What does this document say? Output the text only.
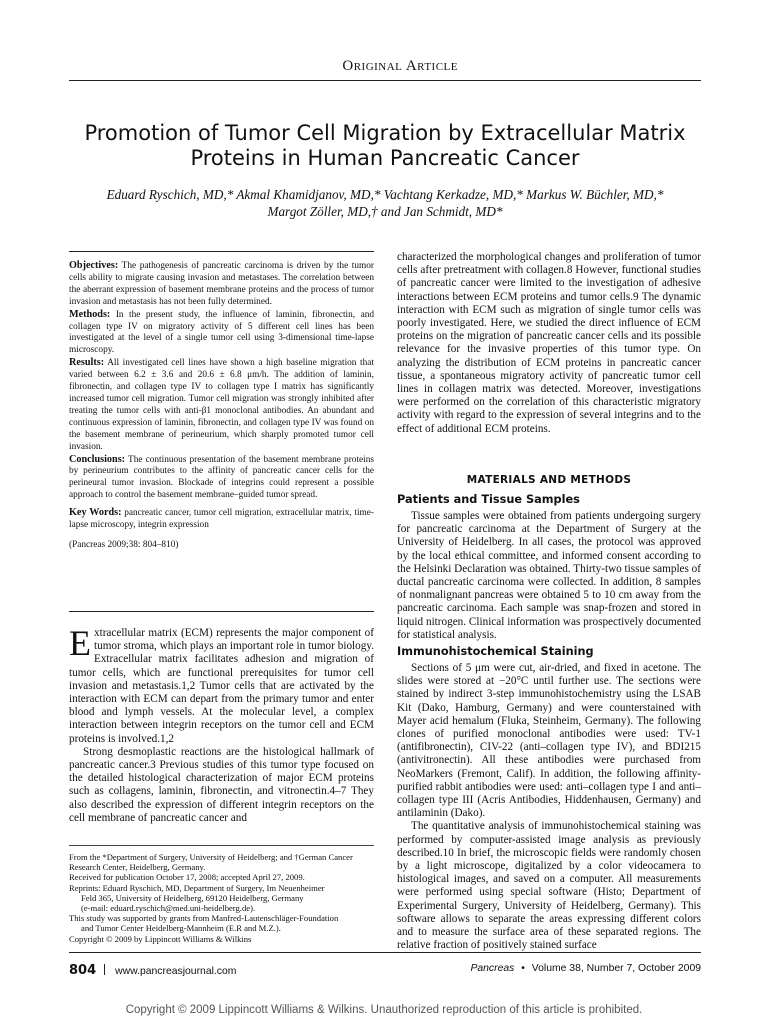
Original Article
Promotion of Tumor Cell Migration by Extracellular Matrix
Proteins in Human Pancreatic Cancer
Eduard Ryschich, MD,* Akmal Khamidjanov, MD,* Vachtang Kerkadze, MD,* Markus W. Büchler, MD,*
Margot Zöller, MD,† and Jan Schmidt, MD*

Objectives: The pathogenesis of pancreatic carcinoma is driven by the tumor cells ability to migrate causing invasion and metastases. The correlation between the aberrant expression of basement membrane proteins and the process of tumor invasion and metastasis has not been fully determined.

Methods: In the present study, the influence of laminin, fibronectin, and collagen type IV on migratory activity of 5 different cell lines has been investigated at the level of a single tumor cell using 3-dimensional time-lapse microscopy.

Results: All investigated cell lines have shown a high baseline migration that varied between 6.2 ± 3.6 and 20.6 ± 6.8 μm/h. The addition of laminin, fibronectin, and collagen type IV to collagen type I matrix has significantly increased tumor cell migration. Tumor cell migration was strongly inhibited after treating the tumor cells with anti-β1 monoclonal antibodies. An abundant and continuous expression of laminin, fibronectin, and collagen type IV was found on the basement membrane of perineurium, which sharply promoted tumor cell invasion.

Conclusions: The continuous presentation of the basement membrane proteins by perineurium contributes to the affinity of pancreatic cancer cells for the perineural tumor invasion. Blockade of integrins could represent a possible approach to control the basement membrane–guided tumor spread.

Key Words: pancreatic cancer, tumor cell migration, extracellular matrix, time-lapse microscopy, integrin expression

(Pancreas 2009;38: 804–810)

Extracellular matrix (ECM) represents the major component of tumor stroma, which plays an important role in tumor biology. Extracellular matrix facilitates adhesion and migration of tumor cells, which are functional prerequisites for tumor cell invasion and metastasis.1,2 Tumor cells that are activated by the interaction with ECM can depart from the primary tumor and enter blood and lymph vessels. At the molecular level, a complex interaction between integrin receptors on the tumor cell and ECM proteins is involved.1,2

Strong desmoplastic reactions are the histological hallmark of pancreatic cancer.3 Previous studies of this tumor type focused on the detailed histological characterization of major ECM proteins such as collagens, laminin, fibronectin, and vitronectin.4–7 They also described the expression of different integrin receptors on the cell membrane of pancreatic cancer and

From the *Department of Surgery, University of Heidelberg; and †German Cancer Research Center, Heidelberg, Germany.
Received for publication October 17, 2008; accepted April 27, 2009.
Reprints: Eduard Ryschich, MD, Department of Surgery, Im Neuenheimer
Feld 365, University of Heidelberg, 69120 Heidelberg, Germany
(e-mail: eduard.ryschich@med.uni-heidelberg.de).
This study was supported by grants from Manfred-Lautenschläger-Foundation
and Tumor Center Heidelberg-Mannheim (E.R and M.Z.).
Copyright © 2009 by Lippincott Williams & Wilkins

characterized the morphological changes and proliferation of tumor cells after pretreatment with collagen.8 However, functional studies of pancreatic cancer were limited to the investigation of adhesive interactions between ECM proteins and tumor cells.9 The dynamic interaction with ECM such as migration of single tumor cells was poorly investigated. Here, we studied the direct influence of ECM proteins on the migration of pancreatic cancer cells and its possible relevance for the invasive properties of this tumor type. On analyzing the distribution of ECM proteins in pancreatic cancer tissue, a spontaneous migratory activity of pancreatic tumor cell lines in collagen matrix was detected. Moreover, investigations were performed on the correlation of this characteristic migratory activity with regard to the expression of several integrins and to the effect of additional ECM proteins.

MATERIALS AND METHODS
Patients and Tissue Samples

Tissue samples were obtained from patients undergoing surgery for pancreatic carcinoma at the Department of Surgery at the University of Heidelberg. In all cases, the protocol was approved by the local ethical committee, and informed consent according to the Helsinki Declaration was obtained. Thirty-two tissue samples of ductal pancreatic carcinoma were collected. In addition, 8 samples of nonmalignant pancreas were obtained 5 to 10 cm away from the pancreatic carcinoma. Each sample was snap-frozen and stored in liquid nitrogen. Clinical information was prospectively documented for statistical analysis.

Immunohistochemical Staining

Sections of 5 μm were cut, air-dried, and fixed in acetone. The slides were stored at −20°C until further use. The sections were stained by indirect 3-step immunohistochemistry using the LSAB Kit (Dako, Hamburg, Germany) and were counterstained with Mayer acid hemalum (Fluka, Steinheim, Germany). The following clones of purified monoclonal antibodies were used: TV-1 (antifibronectin), CIV-22 (anti–collagen type IV), and BDI215 (antivitronectin). All these antibodies were purchased from NeoMarkers (Fremont, Calif). In addition, the following affinity-purified rabbit antibodies were used: anti–collagen type I and anti–collagen type III (Acris Antibodies, Hiddenhausen, Germany) and antilaminin (Dako).

The quantitative analysis of immunohistochemical staining was performed by computer-assisted image analysis as previously described.10 In brief, the microscopic fields were randomly chosen by a light microscope, digitalized by a color videocamera to histological images, and saved on a computer. All measurements were performed using special software (Histo; Department of Experimental Surgery, University of Heidelberg, Germany). This software allows to separate the areas expressing different colors and to measure the surface area of these separated regions. The relative fraction of positively stained surface

804 www.pancreasjournal.com	Pancreas • Volume 38, Number 7, October 2009
Copyright © 2009 Lippincott Williams & Wilkins. Unauthorized reproduction of this article is prohibited.
